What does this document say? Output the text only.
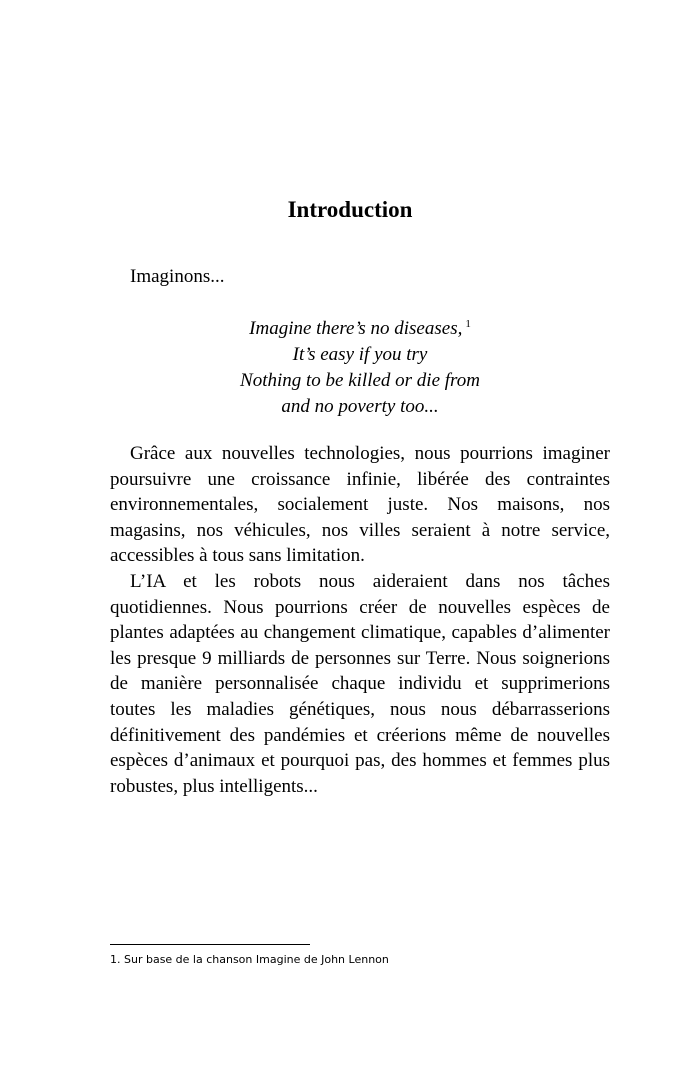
Introduction

Imaginons...

Imagine there’s no diseases, $^1$
It’s easy if you try
Nothing to be killed or die from
and no poverty too...

Grâce aux nouvelles technologies, nous pourrions imaginer poursuivre une croissance infinie, libérée des contraintes environnementales, socialement juste. Nos maisons, nos magasins, nos véhicules, nos villes seraient à notre service, accessibles à tous sans limitation.

L’IA et les robots nous aideraient dans nos tâches quotidiennes. Nous pourrions créer de nouvelles espèces de plantes adaptées au changement climatique, capables d’alimenter les presque 9 milliards de personnes sur Terre. Nous soignerions de manière personnalisée chaque individu et supprimerions toutes les maladies génétiques, nous nous débarrasserions définitivement des pandémies et créerions même de nouvelles espèces d’animaux et pourquoi pas, des hommes et femmes plus robustes, plus intelligents...

1. Sur base de la chanson Imagine de John Lennon
